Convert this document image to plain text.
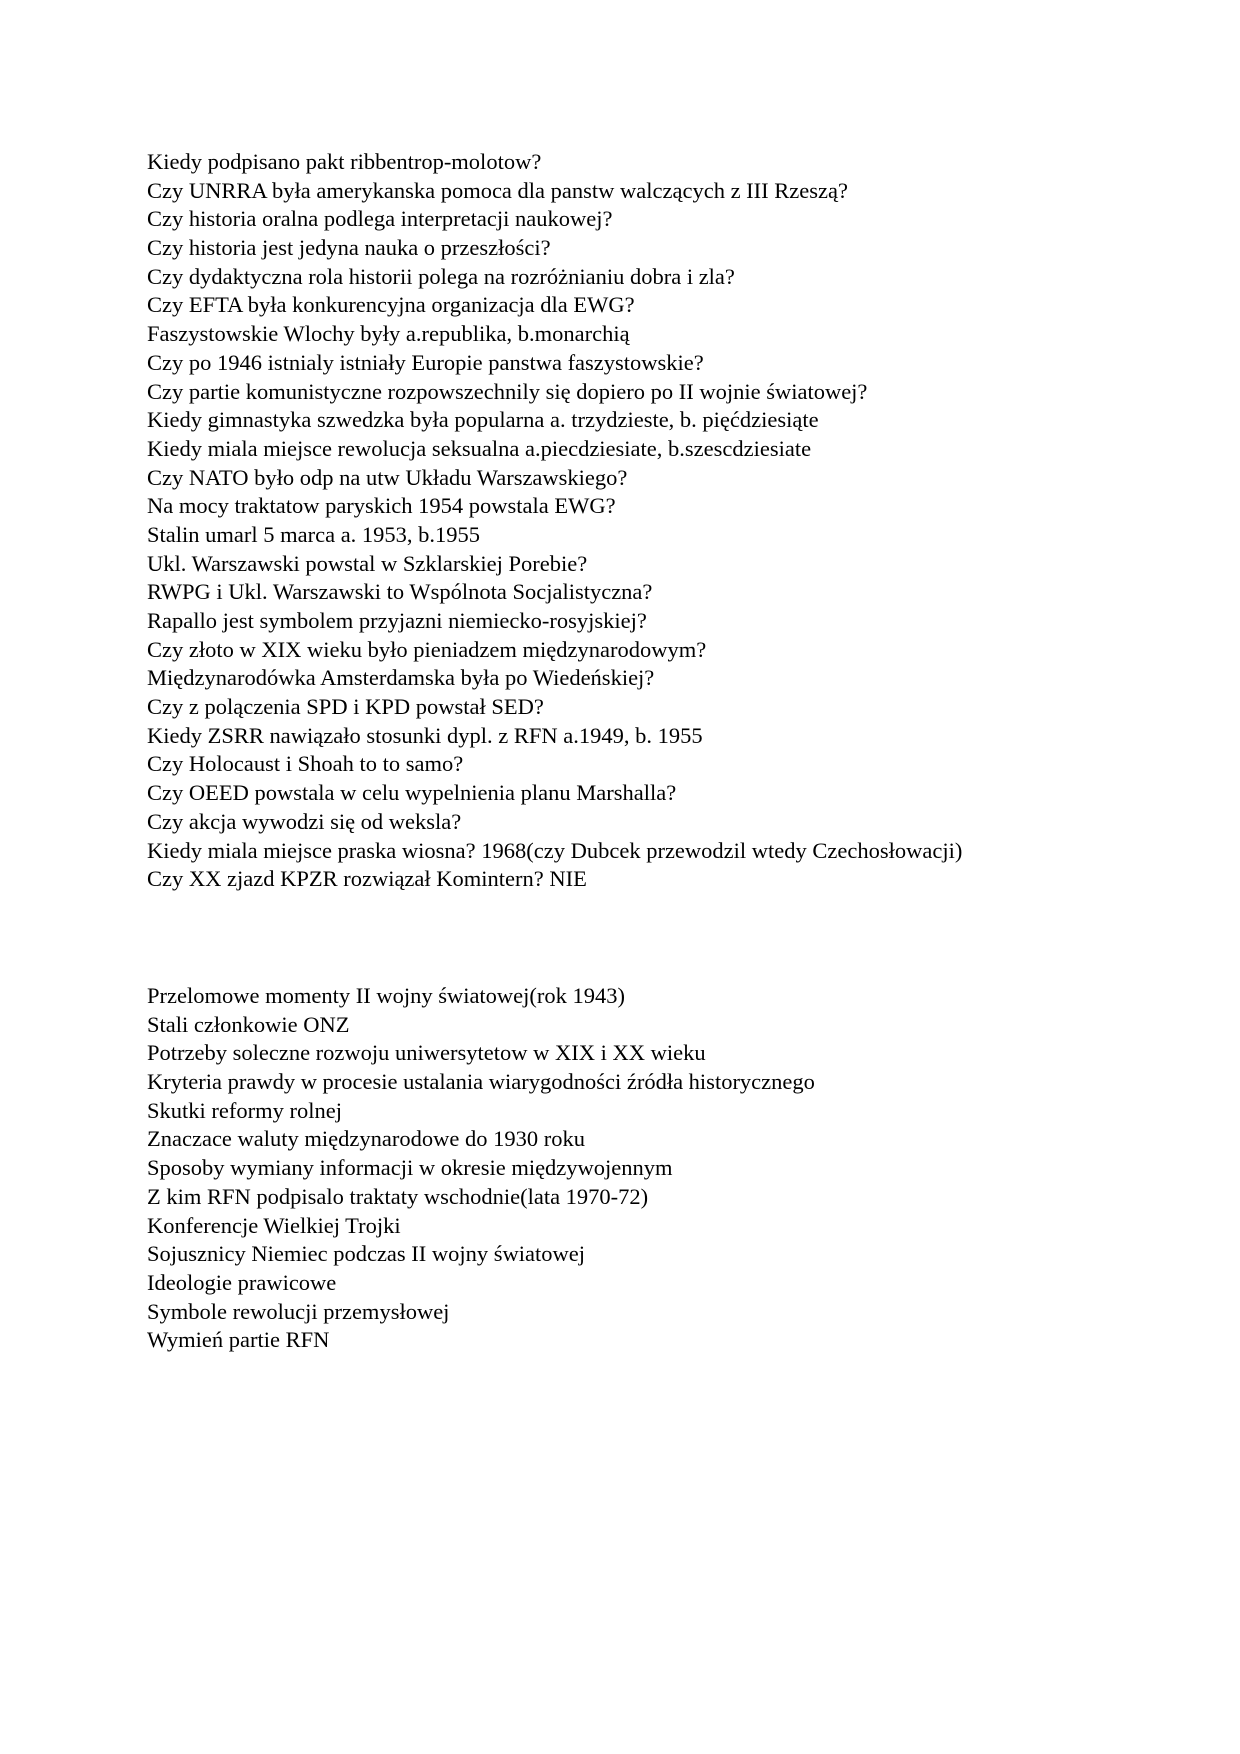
Kiedy podpisano pakt ribbentrop-molotow?
Czy UNRRA była amerykanska pomoca dla panstw walczących z III Rzeszą?
Czy historia oralna podlega interpretacji naukowej?
Czy historia jest jedyna nauka o przeszłości?
Czy dydaktyczna rola historii polega na rozróżnianiu dobra i zla?
Czy EFTA była konkurencyjna organizacja dla EWG?
Faszystowskie Wlochy były a.republika, b.monarchią
Czy po 1946 istnialy istniały Europie panstwa faszystowskie?
Czy partie komunistyczne rozpowszechnily się dopiero po II wojnie światowej?
Kiedy gimnastyka szwedzka była popularna a. trzydzieste, b. pięćdziesiąte
Kiedy miala miejsce rewolucja seksualna a.piecdziesiate, b.szescdziesiate
Czy NATO było odp na utw Układu Warszawskiego?
Na mocy traktatow paryskich 1954 powstala EWG?
Stalin umarl 5 marca a. 1953, b.1955
Ukl. Warszawski powstal w Szklarskiej Porebie?
RWPG i Ukl. Warszawski to Wspólnota Socjalistyczna?
Rapallo jest symbolem przyjazni niemiecko-rosyjskiej?
Czy złoto w XIX wieku było pieniadzem międzynarodowym?
Międzynarodówka Amsterdamska była po Wiedeńskiej?
Czy z polączenia SPD i KPD powstał SED?
Kiedy ZSRR nawiązało stosunki dypl. z RFN a.1949, b. 1955
Czy Holocaust i Shoah to to samo?
Czy OEED powstala w celu wypelnienia planu Marshalla?
Czy akcja wywodzi się od weksla?
Kiedy miala miejsce praska wiosna? 1968(czy Dubcek przewodzil wtedy Czechosłowacji)
Czy XX zjazd KPZR rozwiązał Komintern? NIE
Przelomowe momenty II wojny światowej(rok 1943)
Stali członkowie ONZ
Potrzeby soleczne rozwoju uniwersytetow w XIX i XX wieku
Kryteria prawdy w procesie ustalania wiarygodności źródła historycznego
Skutki reformy rolnej
Znaczace waluty międzynarodowe do 1930 roku
Sposoby wymiany informacji w okresie międzywojennym
Z kim RFN podpisalo traktaty wschodnie(lata 1970-72)
Konferencje Wielkiej Trojki
Sojusznicy Niemiec podczas II wojny światowej
Ideologie prawicowe
Symbole rewolucji przemysłowej
Wymień partie RFN
